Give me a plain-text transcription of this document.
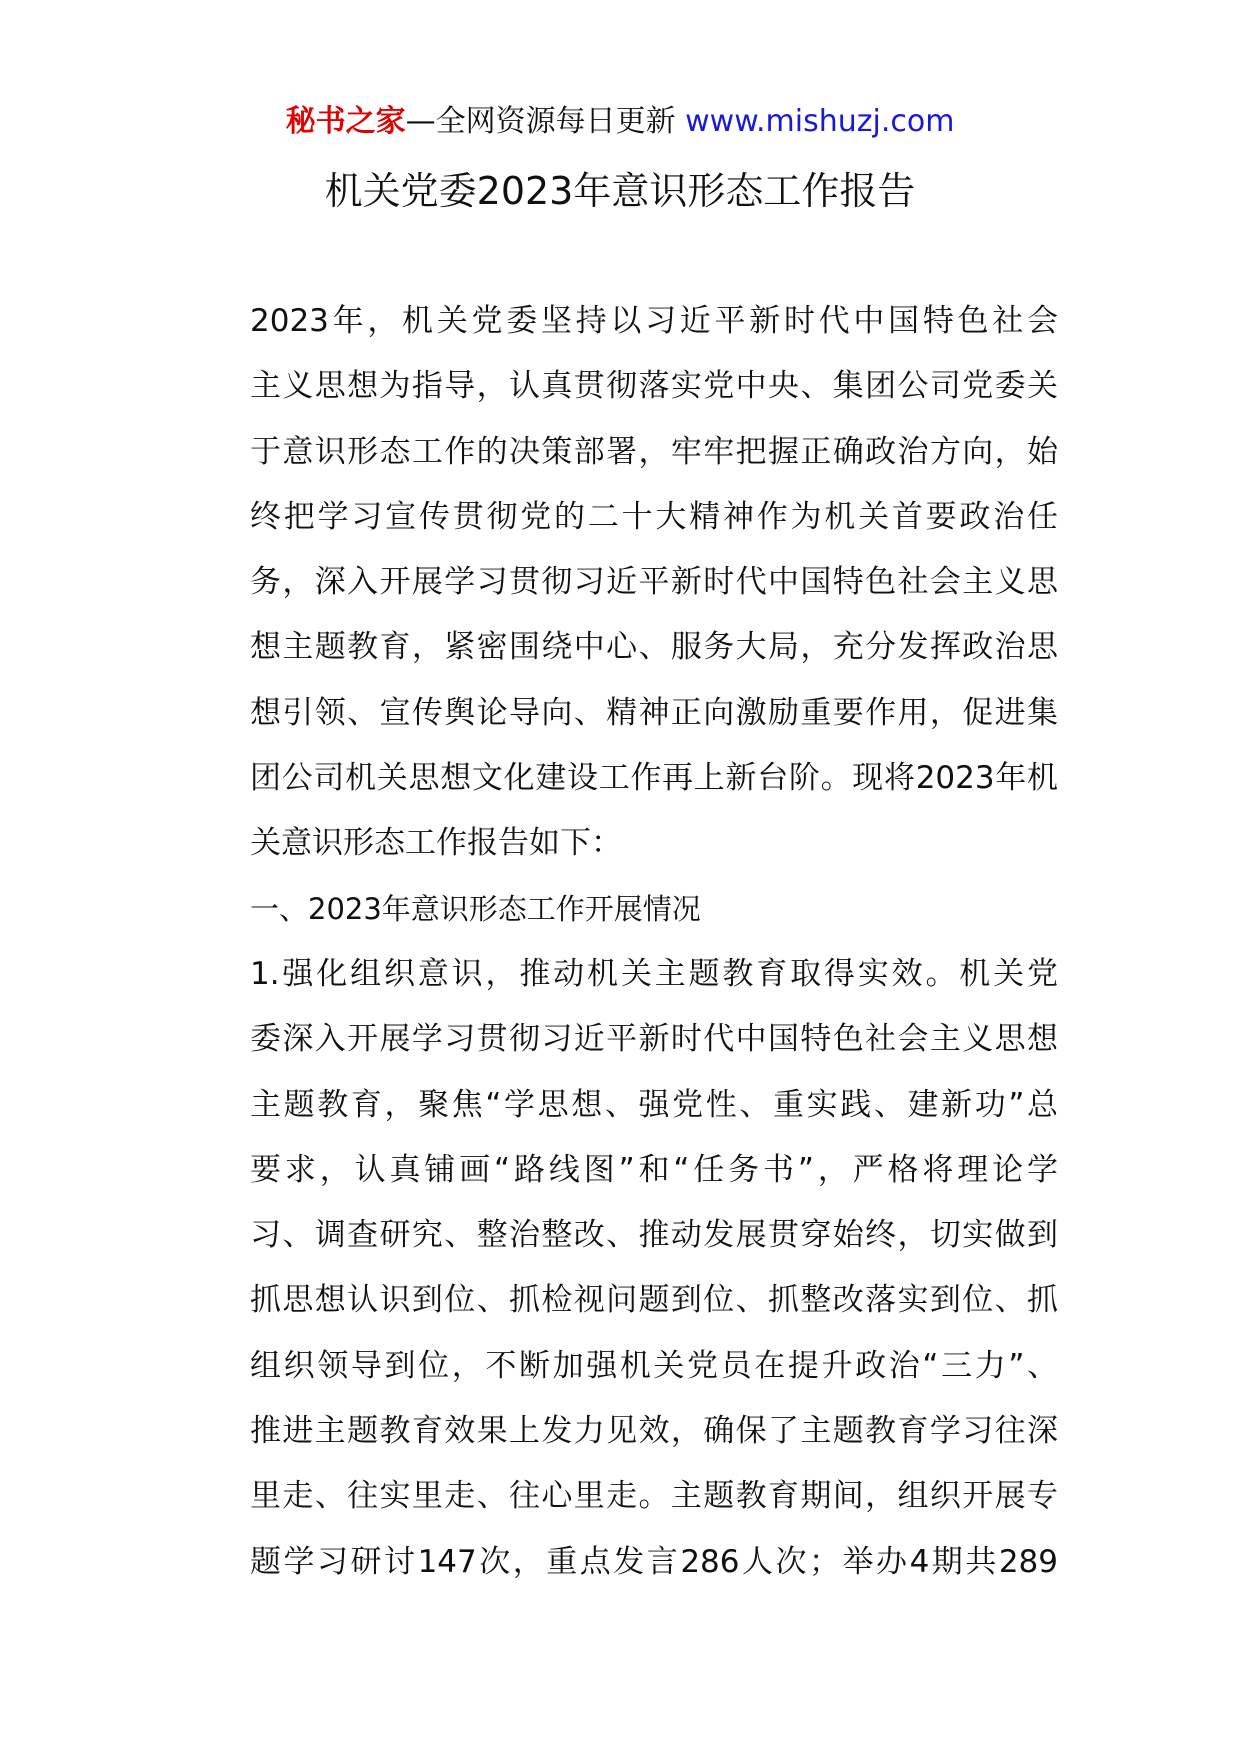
秘书之家—全网资源每日更新 www.mishuzj.com
机关党委2023年意识形态工作报告
2023年，机关党委坚持以习近平新时代中国特色社会
主义思想为指导，认真贯彻落实党中央、集团公司党委关
于意识形态工作的决策部署，牢牢把握正确政治方向，始
终把学习宣传贯彻党的二十大精神作为机关首要政治任
务，深入开展学习贯彻习近平新时代中国特色社会主义思
想主题教育，紧密围绕中心、服务大局，充分发挥政治思
想引领、宣传舆论导向、精神正向激励重要作用，促进集
团公司机关思想文化建设工作再上新台阶。现将2023年机
关意识形态工作报告如下：
一、2023年意识形态工作开展情况
1.强化组织意识，推动机关主题教育取得实效。机关党
委深入开展学习贯彻习近平新时代中国特色社会主义思想
主题教育，聚焦“学思想、强党性、重实践、建新功”总
要求，认真铺画“路线图”和“任务书”，严格将理论学
习、调查研究、整治整改、推动发展贯穿始终，切实做到
抓思想认识到位、抓检视问题到位、抓整改落实到位、抓
组织领导到位，不断加强机关党员在提升政治“三力”、
推进主题教育效果上发力见效，确保了主题教育学习往深
里走、往实里走、往心里走。主题教育期间，组织开展专
题学习研讨147次，重点发言286人次；举办4期共289
